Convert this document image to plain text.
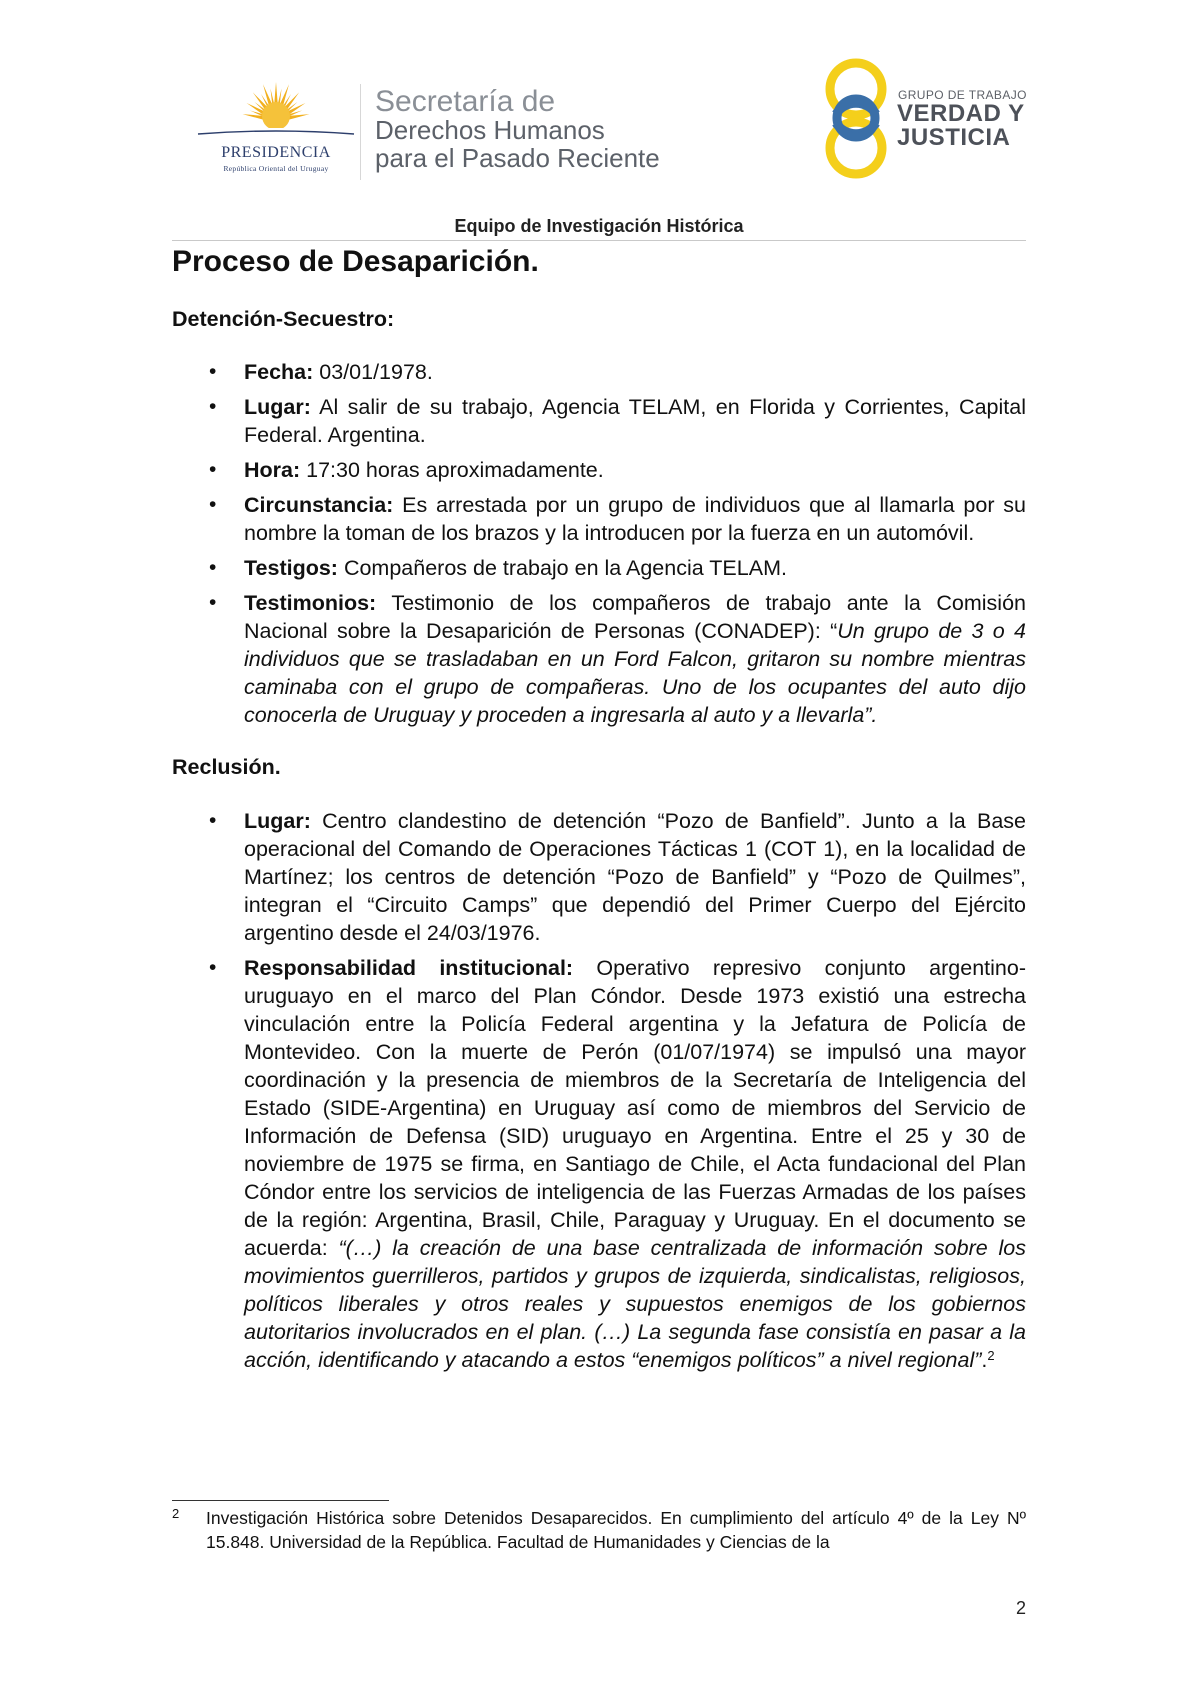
PRESIDENCIA
República Oriental del Uruguay
Secretaría de
Derechos Humanos
para el Pasado Reciente
GRUPO DE TRABAJO
VERDAD Y
JUSTICIA
Equipo de Investigación Histórica
Proceso de Desaparición.
Detención-Secuestro:
• Fecha: 03/01/1978.
• Lugar: Al salir de su trabajo, Agencia TELAM, en Florida y Corrientes, Capital Federal. Argentina.
• Hora: 17:30 horas aproximadamente.
• Circunstancia: Es arrestada por un grupo de individuos que al llamarla por su nombre la toman de los brazos y la introducen por la fuerza en un automóvil.
• Testigos: Compañeros de trabajo en la Agencia TELAM.
• Testimonios: Testimonio de los compañeros de trabajo ante la Comisión Nacional sobre la Desaparición de Personas (CONADEP): “Un grupo de 3 o 4 individuos que se trasladaban en un Ford Falcon, gritaron su nombre mientras caminaba con el grupo de compañeras. Uno de los ocupantes del auto dijo conocerla de Uruguay y proceden a ingresarla al auto y a llevarla”.
Reclusión.
• Lugar: Centro clandestino de detención “Pozo de Banfield”. Junto a la Base operacional del Comando de Operaciones Tácticas 1 (COT 1), en la localidad de Martínez; los centros de detención “Pozo de Banfield” y “Pozo de Quilmes”, integran el “Circuito Camps” que dependió del Primer Cuerpo del Ejército argentino desde el 24/03/1976.
• Responsabilidad institucional: Operativo represivo conjunto argentino-uruguayo en el marco del Plan Cóndor. Desde 1973 existió una estrecha vinculación entre la Policía Federal argentina y la Jefatura de Policía de Montevideo. Con la muerte de Perón (01/07/1974) se impulsó una mayor coordinación y la presencia de miembros de la Secretaría de Inteligencia del Estado (SIDE-Argentina) en Uruguay así como de miembros del Servicio de Información de Defensa (SID) uruguayo en Argentina. Entre el 25 y 30 de noviembre de 1975 se firma, en Santiago de Chile, el Acta fundacional del Plan Cóndor entre los servicios de inteligencia de las Fuerzas Armadas de los países de la región: Argentina, Brasil, Chile, Paraguay y Uruguay. En el documento se acuerda: “(…) la creación de una base centralizada de información sobre los movimientos guerrilleros, partidos y grupos de izquierda, sindicalistas, religiosos, políticos liberales y otros reales y supuestos enemigos de los gobiernos autoritarios involucrados en el plan. (…) La segunda fase consistía en pasar a la acción, identificando y atacando a estos “enemigos políticos” a nivel regional”.$^2$
2 Investigación Histórica sobre Detenidos Desaparecidos. En cumplimiento del artículo 4º de la Ley Nº 15.848. Universidad de la República. Facultad de Humanidades y Ciencias de la
2
